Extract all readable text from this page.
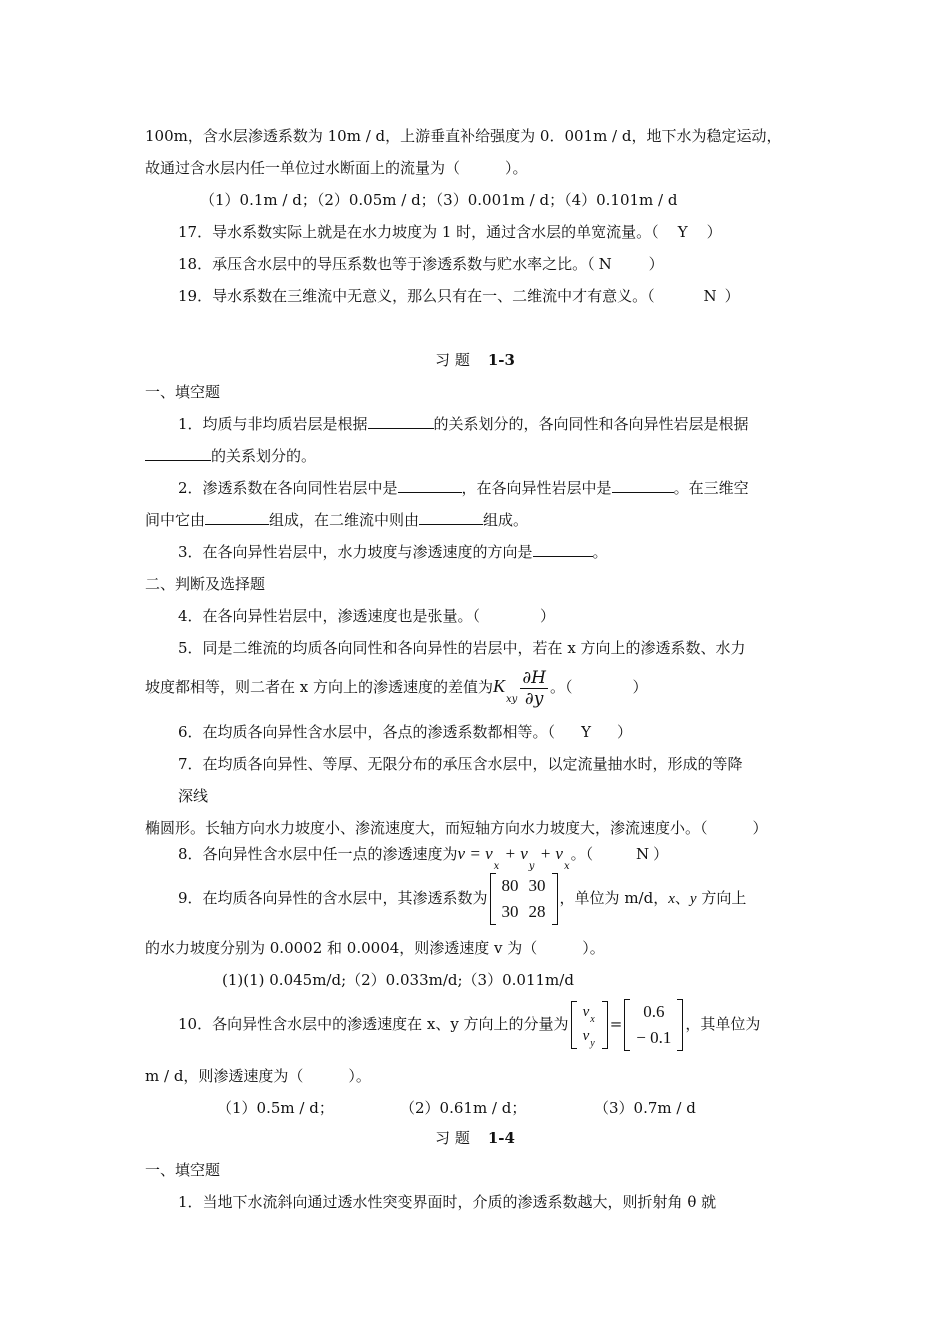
100m，含水层渗透系数为 10m / d，上游垂直补给强度为 0．001m / d，地下水为稳定运动，
故通过含水层内任一单位过水断面上的流量为（　　　）。
（1）0.1m / d；（2）0.05m / d；（3）0.001m / d；（4）0.101m / d
17．导水系数实际上就是在水力坡度为 1 时，通过含水层的单宽流量。（ Y ）
18．承压含水层中的导压系数也等于渗透系数与贮水率之比。（ N ）
19．导水系数在三维流中无意义，那么只有在一、二维流中才有意义。（	N ）
习 题 1-3
一、填空题
1．均质与非均质岩层是根据	的关系划分的，各向同性和各向异性岩层是根据
的关系划分的。
2．渗透系数在各向同性岩层中是	，在各向异性岩层中是	。在三维空
间中它由	组成，在二维流中则由	组成。
3．在各向异性岩层中，水力坡度与渗透速度的方向是	。
二、判断及选择题
4．在各向异性岩层中，渗透速度也是张量。（　　　　）
5．同是二维流的均质各向同性和各向异性的岩层中，若在 x 方向上的渗透系数、水力
坡度都相等，则二者在 x 方向上的渗透速度的差值为$K_{xy} \frac{\partial H}{\partial y}$ 。（　　　　）
6．在均质各向异性含水层中，各点的渗透系数都相等。（ Y ）
7．在均质各向异性、等厚、无限分布的承压含水层中，以定流量抽水时，形成的等降
深线
椭圆形。长轴方向水力坡度小、渗流速度大，而短轴方向水力坡度大，渗流速度小。（　　　）
8．各向异性含水层中任一点的渗透速度为$v = v_x + v_y + v_x$。（	N ）
9．在均质各向异性的含水层中，其渗透系数为
80	30
30	28
，单位为 m/d，x、y 方向上
的水力坡度分别为 0.0002 和 0.0004，则渗透速度 v 为（　　　）。
(1)(1) 0.045m/d;（2）0.033m/d;（3）0.011m/d
10．各向异性含水层中的渗透速度在 x、y 方向上的分量为
$v_x$
$v_y$
=
0.6
− 0.1
，其单位为
m / d，则渗透速度为（　　　）。
（1）0.5m / d；	（2）0.61m / d；	（3）0.7m / d
习 题 1-4
一、填空题
1．当地下水流斜向通过透水性突变界面时，介质的渗透系数越大，则折射角 θ 就
